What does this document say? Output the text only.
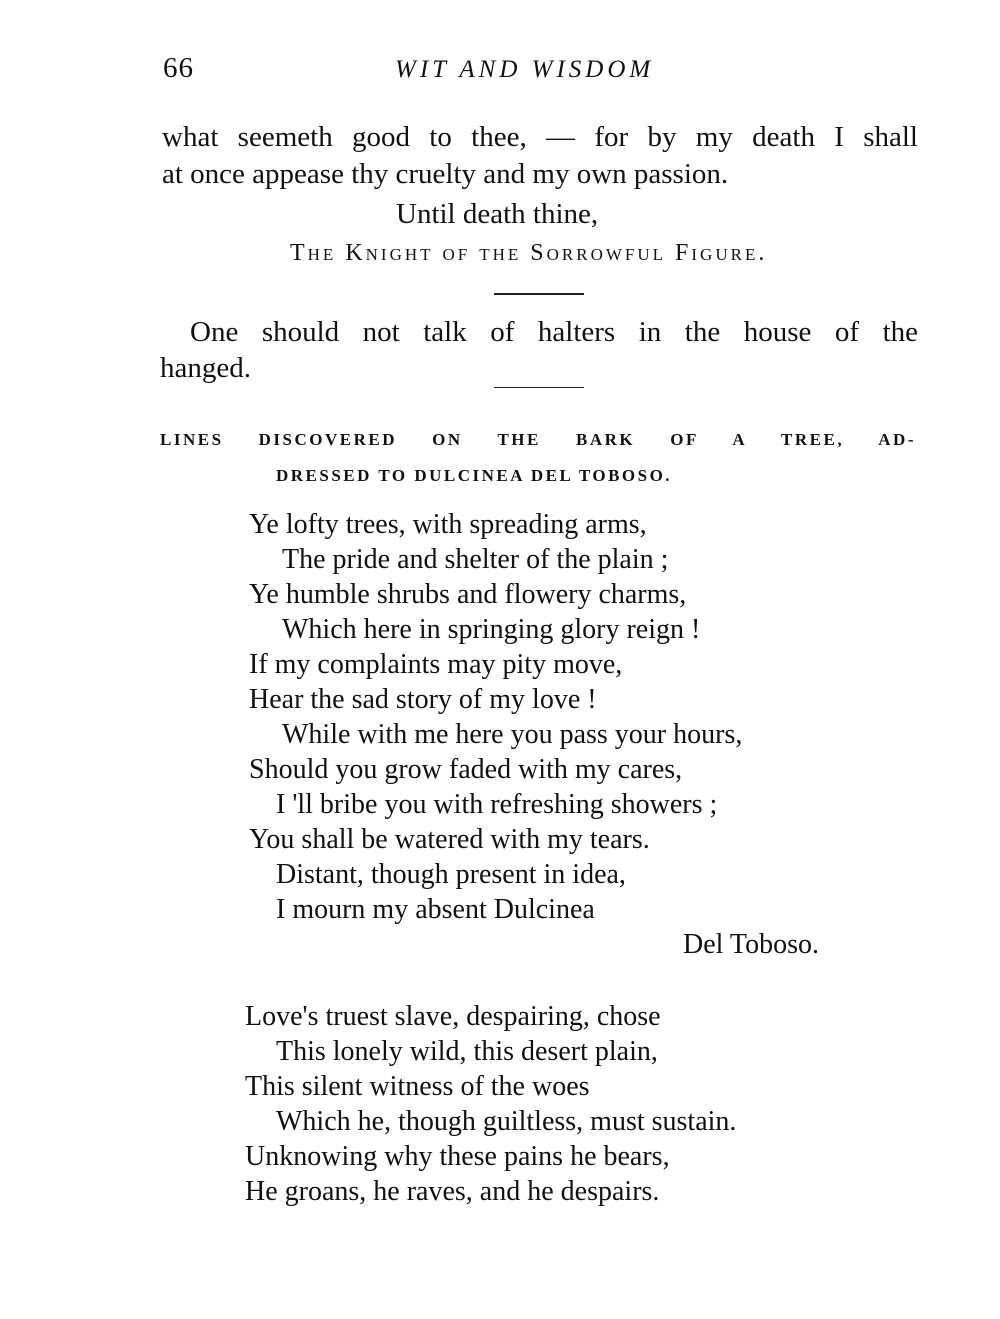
66	WIT AND WISDOM
what seemeth good to thee, — for by my death I shall
at once appease thy cruelty and my own passion.
Until death thine,
The Knight of the Sorrowful Figure.
One should not talk of halters in the house of the
hanged.
LINES DISCOVERED ON THE BARK OF A TREE, AD-
DRESSED TO DULCINEA DEL TOBOSO.
Ye lofty trees, with spreading arms,
The pride and shelter of the plain ;
Ye humble shrubs and flowery charms,
Which here in springing glory reign !
If my complaints may pity move,
Hear the sad story of my love !
While with me here you pass your hours,
Should you grow faded with my cares,
I 'll bribe you with refreshing showers ;
You shall be watered with my tears.
Distant, though present in idea,
I mourn my absent Dulcinea
Del Toboso.
Love's truest slave, despairing, chose
This lonely wild, this desert plain,
This silent witness of the woes
Which he, though guiltless, must sustain.
Unknowing why these pains he bears,
He groans, he raves, and he despairs.
